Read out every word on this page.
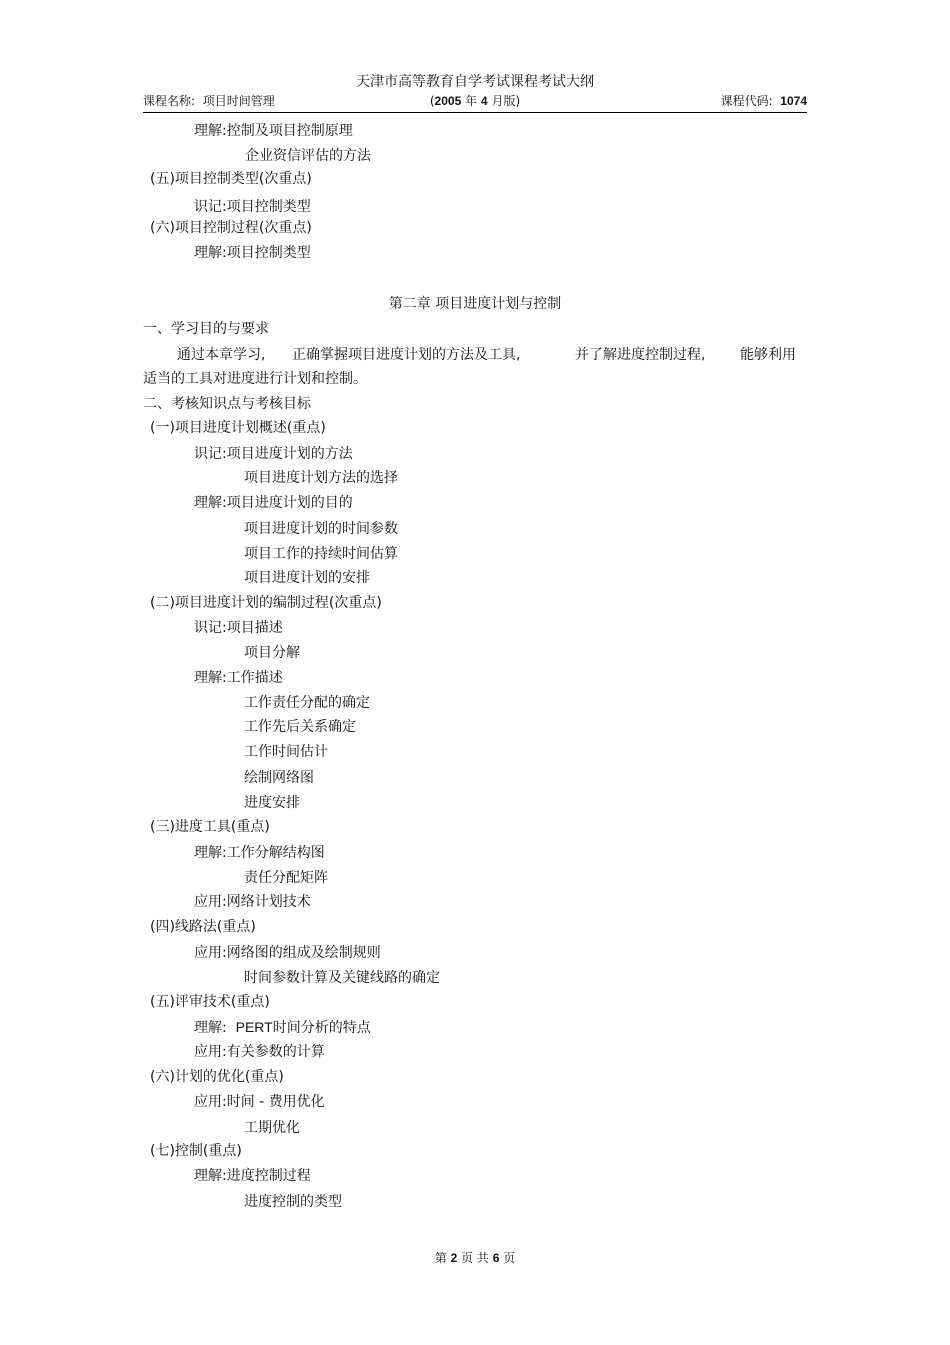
天津市高等教育自学考试课程考试大纲
课程名称: 项目时间管理	(2005 年 4 月版)	课程代码: 1074
理解:控制及项目控制原理
企业资信评估的方法
(五)项目控制类型(次重点)
识记:项目控制类型
(六)项目控制过程(次重点)
理解:项目控制类型
第二章 项目进度计划与控制
一、学习目的与要求
通过本章学习, 正确掌握项目进度计划的方法及工具,	并了解进度控制过程, 能够利用
适当的工具对进度进行计划和控制。
二、考核知识点与考核目标
(一)项目进度计划概述(重点)
识记:项目进度计划的方法
项目进度计划方法的选择
理解:项目进度计划的目的
项目进度计划的时间参数
项目工作的持续时间估算
项目进度计划的安排
(二)项目进度计划的编制过程(次重点)
识记:项目描述
项目分解
理解:工作描述
工作责任分配的确定
工作先后关系确定
工作时间估计
绘制网络图
进度安排
(三)进度工具(重点)
理解:工作分解结构图
责任分配矩阵
应用:网络计划技术
(四)线路法(重点)
应用:网络图的组成及绘制规则
时间参数计算及关键线路的确定
(五)评审技术(重点)
理解: PERT时间分析的特点
应用:有关参数的计算
(六)计划的优化(重点)
应用:时间 - 费用优化
工期优化
(七)控制(重点)
理解:进度控制过程
进度控制的类型
第 2 页 共 6 页
